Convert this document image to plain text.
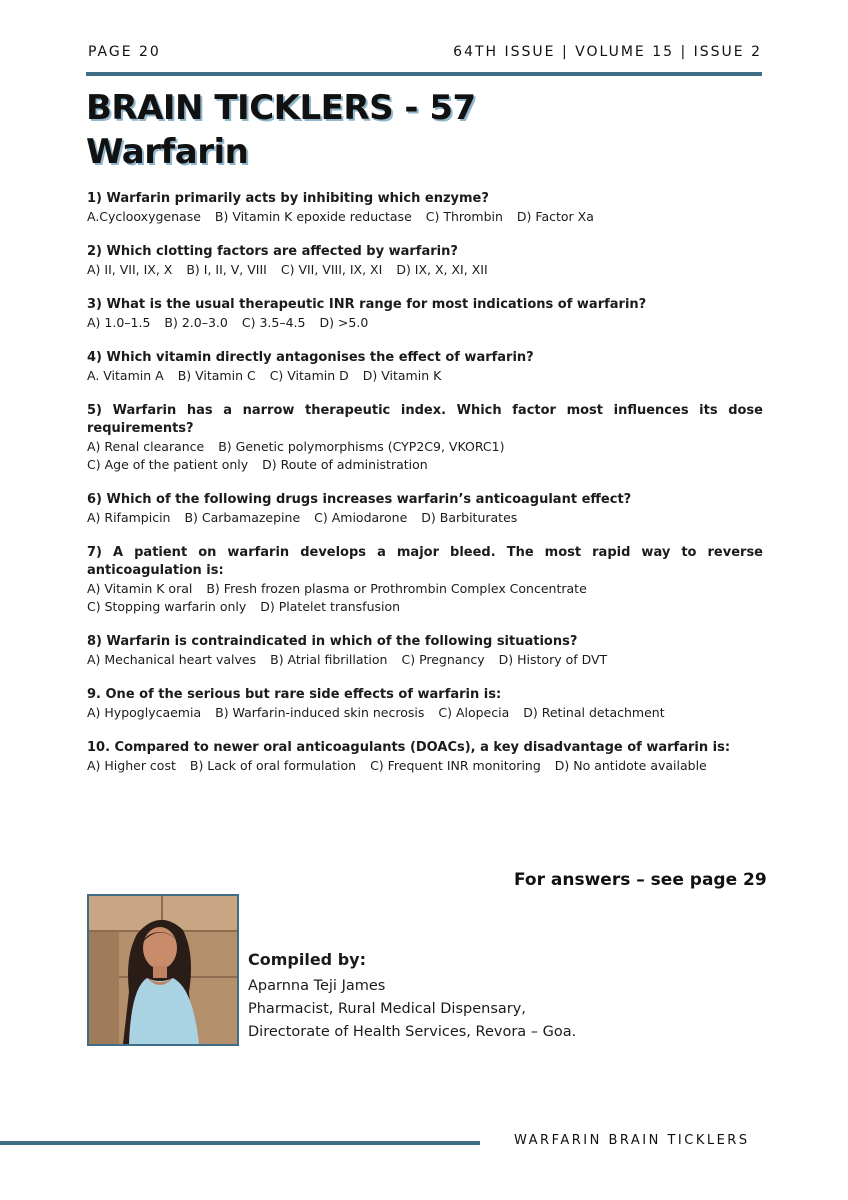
PAGE 20	64TH ISSUE | VOLUME 15 | ISSUE 2
BRAIN TICKLERS - 57
Warfarin

1) Warfarin primarily acts by inhibiting which enzyme?

A.Cyclooxygenase B) Vitamin K epoxide reductase C) Thrombin D) Factor Xa

2) Which clotting factors are affected by warfarin?

A) II, VII, IX, X B) I, II, V, VIII C) VII, VIII, IX, XI D) IX, X, XI, XII

3) What is the usual therapeutic INR range for most indications of warfarin?

A) 1.0–1.5 B) 2.0–3.0 C) 3.5–4.5 D) >5.0

4) Which vitamin directly antagonises the effect of warfarin?

A. Vitamin A B) Vitamin C C) Vitamin D D) Vitamin K

5) Warfarin has a narrow therapeutic index. Which factor most influences its dose requirements?

A) Renal clearance B) Genetic polymorphisms (CYP2C9, VKORC1)

C) Age of the patient only D) Route of administration

6) Which of the following drugs increases warfarin’s anticoagulant effect?

A) Rifampicin B) Carbamazepine C) Amiodarone D) Barbiturates

7) A patient on warfarin develops a major bleed. The most rapid way to reverse anticoagulation is:

A) Vitamin K oral B) Fresh frozen plasma or Prothrombin Complex Concentrate

C) Stopping warfarin only D) Platelet transfusion

8) Warfarin is contraindicated in which of the following situations?

A) Mechanical heart valves B) Atrial fibrillation C) Pregnancy D) History of DVT

9. One of the serious but rare side effects of warfarin is:

A) Hypoglycaemia B) Warfarin-induced skin necrosis C) Alopecia D) Retinal detachment

10. Compared to newer oral anticoagulants (DOACs), a key disadvantage of warfarin is:

A) Higher cost B) Lack of oral formulation C) Frequent INR monitoring D) No antidote available

For answers – see page 29

Compiled by:

Aparnna Teji James

Pharmacist, Rural Medical Dispensary,

Directorate of Health Services, Revora – Goa.

WARFARIN BRAIN TICKLERS
